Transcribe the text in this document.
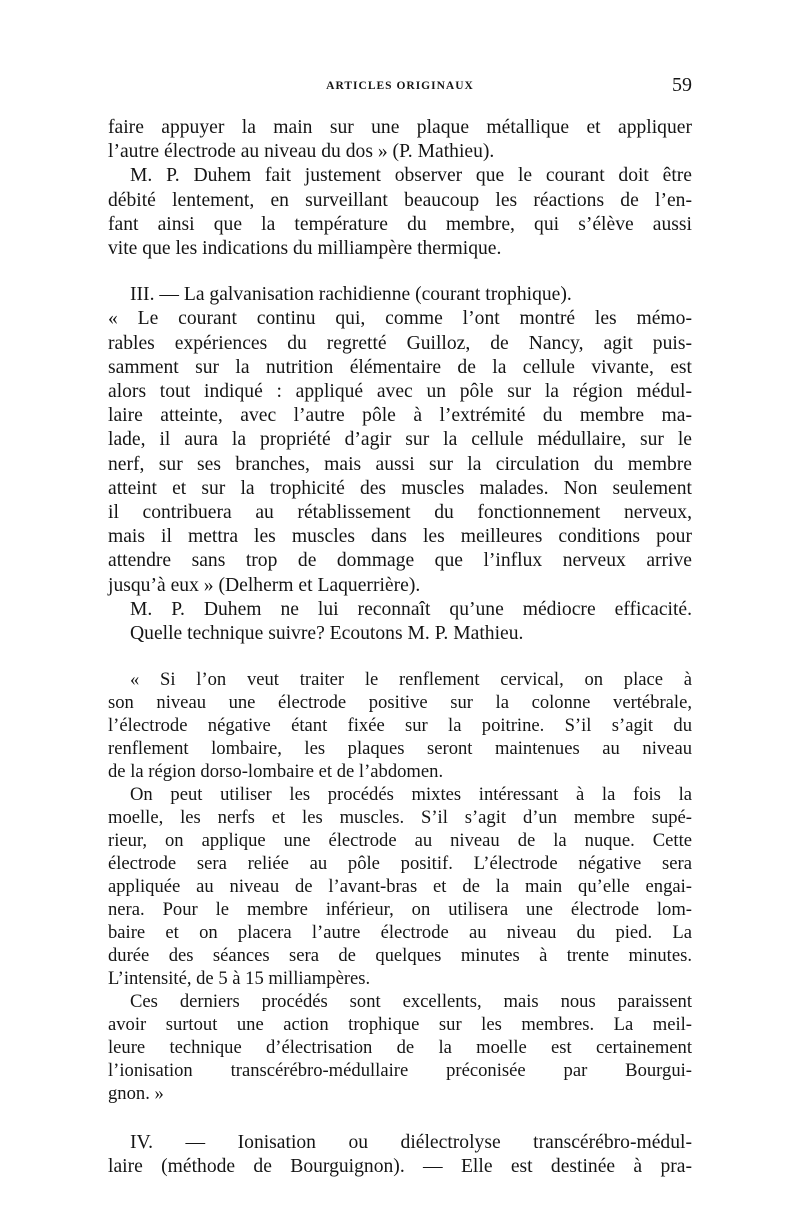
ARTICLES ORIGINAUX	59

faire appuyer la main sur une plaque métallique et appliquer
l’autre électrode au niveau du dos » (P. Mathieu).

M. P. Duhem fait justement observer que le courant doit être
débité lentement, en surveillant beaucoup les réactions de l’en-
fant ainsi que la température du membre, qui s’élève aussi
vite que les indications du milliampère thermique.

III. — La galvanisation rachidienne (courant trophique).
« Le courant continu qui, comme l’ont montré les mémo-
rables expériences du regretté Guilloz, de Nancy, agit puis-
samment sur la nutrition élémentaire de la cellule vivante, est
alors tout indiqué : appliqué avec un pôle sur la région médul-
laire atteinte, avec l’autre pôle à l’extrémité du membre ma-
lade, il aura la propriété d’agir sur la cellule médullaire, sur le
nerf, sur ses branches, mais aussi sur la circulation du membre
atteint et sur la trophicité des muscles malades. Non seulement
il contribuera au rétablissement du fonctionnement nerveux,
mais il mettra les muscles dans les meilleures conditions pour
attendre sans trop de dommage que l’influx nerveux arrive
jusqu’à eux » (Delherm et Laquerrière).

M. P. Duhem ne lui reconnaît qu’une médiocre efficacité.
Quelle technique suivre? Ecoutons M. P. Mathieu.

« Si l’on veut traiter le renflement cervical, on place à
son niveau une électrode positive sur la colonne vertébrale,
l’électrode négative étant fixée sur la poitrine. S’il s’agit du
renflement lombaire, les plaques seront maintenues au niveau
de la région dorso-lombaire et de l’abdomen.

On peut utiliser les procédés mixtes intéressant à la fois la
moelle, les nerfs et les muscles. S’il s’agit d’un membre supé-
rieur, on applique une électrode au niveau de la nuque. Cette
électrode sera reliée au pôle positif. L’électrode négative sera
appliquée au niveau de l’avant-bras et de la main qu’elle engai-
nera. Pour le membre inférieur, on utilisera une électrode lom-
baire et on placera l’autre électrode au niveau du pied. La
durée des séances sera de quelques minutes à trente minutes.
L’intensité, de 5 à 15 milliampères.

Ces derniers procédés sont excellents, mais nous paraissent
avoir surtout une action trophique sur les membres. La meil-
leure technique d’électrisation de la moelle est certainement
l’ionisation transcérébro-médullaire préconisée par Bourgui-
gnon. »

IV. — Ionisation ou diélectrolyse transcérébro-médul-
laire (méthode de Bourguignon). — Elle est destinée à pra-
